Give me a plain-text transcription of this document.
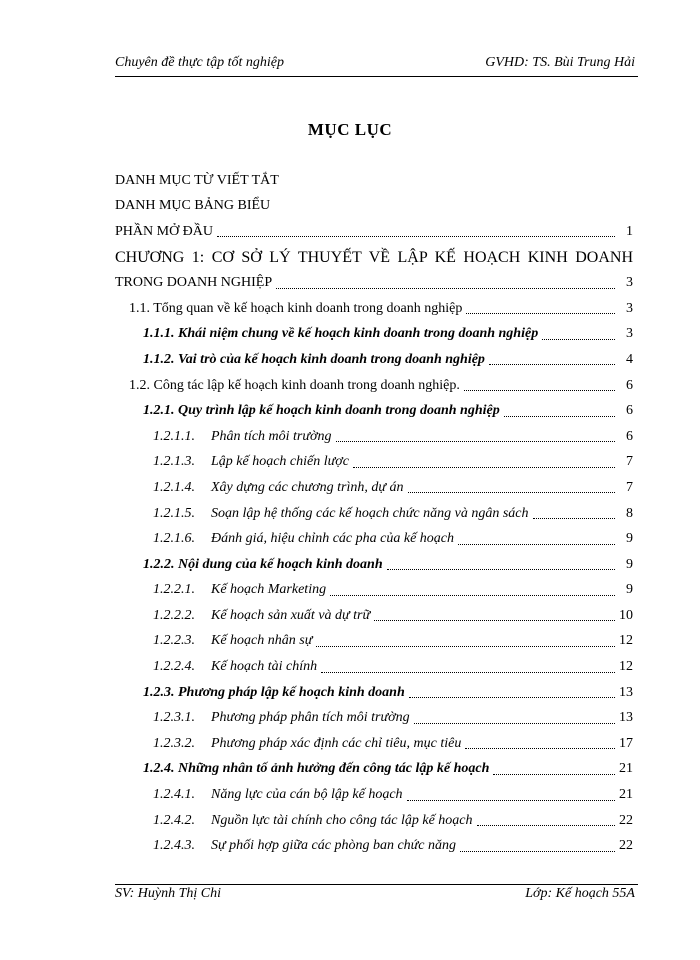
Chuyên đề thực tập tốt nghiệp	GVHD: TS. Bùi Trung Hải
MỤC LỤC
DANH MỤC TỪ VIẾT TẮT
DANH MỤC BẢNG BIỂU
PHẦN MỞ ĐẦU	1
CHƯƠNG 1: CƠ SỞ LÝ THUYẾT VỀ LẬP KẾ HOẠCH KINH DOANH
TRONG DOANH NGHIỆP	3
1.1. Tổng quan về kế hoạch kinh doanh trong doanh nghiệp	3
1.1.1. Khái niệm chung về kế hoạch kinh doanh trong doanh nghiệp	3
1.1.2. Vai trò của kế hoạch kinh doanh trong doanh nghiệp	4
1.2. Công tác lập kế hoạch kinh doanh trong doanh nghiệp.	6
1.2.1. Quy trình lập kế hoạch kinh doanh trong doanh nghiệp	6
1.2.1.1. Phân tích môi trường	6
1.2.1.3. Lập kế hoạch chiến lược	7
1.2.1.4. Xây dựng các chương trình, dự án	7
1.2.1.5. Soạn lập hệ thống các kế hoạch chức năng và ngân sách	8
1.2.1.6. Đánh giá, hiệu chỉnh các pha của kế hoạch	9
1.2.2. Nội dung của kế hoạch kinh doanh	9
1.2.2.1. Kế hoạch Marketing	9
1.2.2.2. Kế hoạch sản xuất và dự trữ	10
1.2.2.3. Kế hoạch nhân sự	12
1.2.2.4. Kế hoạch tài chính	12
1.2.3. Phương pháp lập kế hoạch kinh doanh	13
1.2.3.1. Phương pháp phân tích môi trường	13
1.2.3.2. Phương pháp xác định các chỉ tiêu, mục tiêu	17
1.2.4. Những nhân tố ảnh hưởng đến công tác lập kế hoạch	21
1.2.4.1. Năng lực của cán bộ lập kế hoạch	21
1.2.4.2. Nguồn lực tài chính cho công tác lập kế hoạch	22
1.2.4.3. Sự phối hợp giữa các phòng ban chức năng	22
SV: Huỳnh Thị Chi	Lớp: Kế hoạch 55A
